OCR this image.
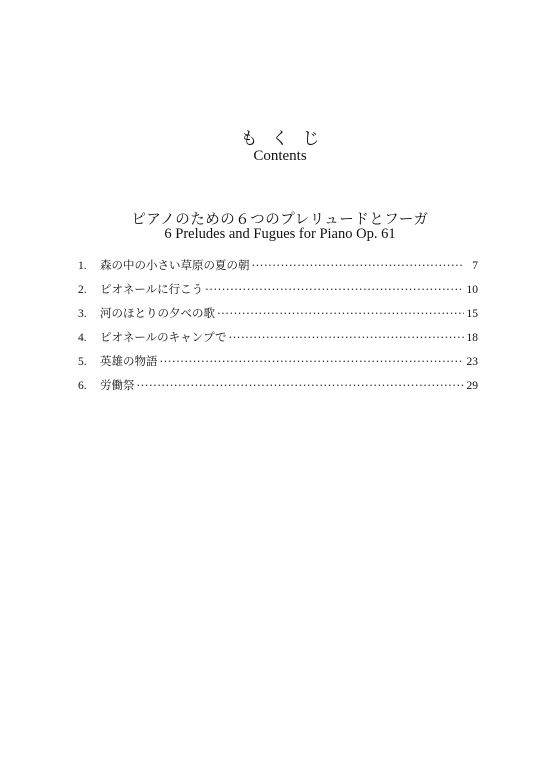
もくじ
Contents
ピアノのための６つのプレリュードとフーガ
6 Preludes and Fugues for Piano Op. 61
1.	森の中の小さい草原の夏の朝 ·····	7
2.	ピオネールに行こう ·····	10
3.	河のほとりの夕べの歌 ·····	15
4.	ピオネールのキャンプで ·····	18
5.	英雄の物語 ·····	23
6.	労働祭 ·····	29
